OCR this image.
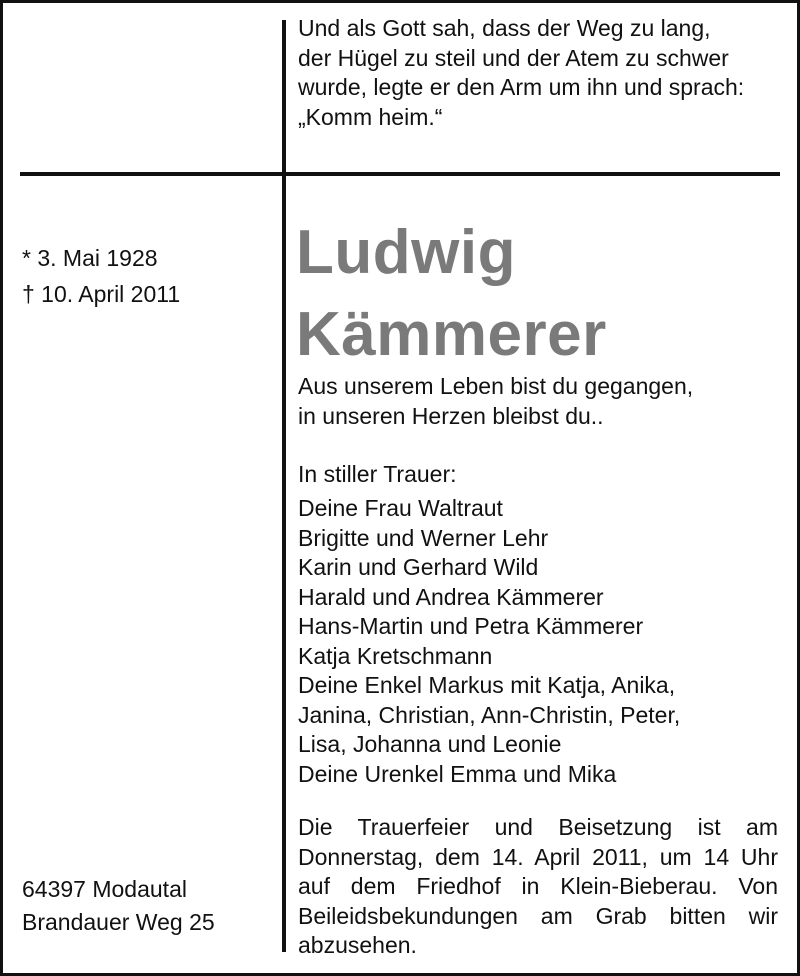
Und als Gott sah, dass der Weg zu lang,
der Hügel zu steil und der Atem zu schwer
wurde, legte er den Arm um ihn und sprach:
„Komm heim.“
* 3. Mai 1928
† 10. April 2011
Ludwig
Kämmerer
Aus unserem Leben bist du gegangen,
in unseren Herzen bleibst du..
In stiller Trauer:
Deine Frau Waltraut
Brigitte und Werner Lehr
Karin und Gerhard Wild
Harald und Andrea Kämmerer
Hans-Martin und Petra Kämmerer
Katja Kretschmann
Deine Enkel Markus mit Katja, Anika,
Janina, Christian, Ann-Christin, Peter,
Lisa, Johanna und Leonie
Deine Urenkel Emma und Mika
Die Trauerfeier und Beisetzung ist am Donnerstag, dem 14. April 2011, um 14 Uhr auf dem Friedhof in Klein-Bieberau. Von Beileidsbekundungen am Grab bitten wir abzusehen.
64397 Modautal
Brandauer Weg 25
